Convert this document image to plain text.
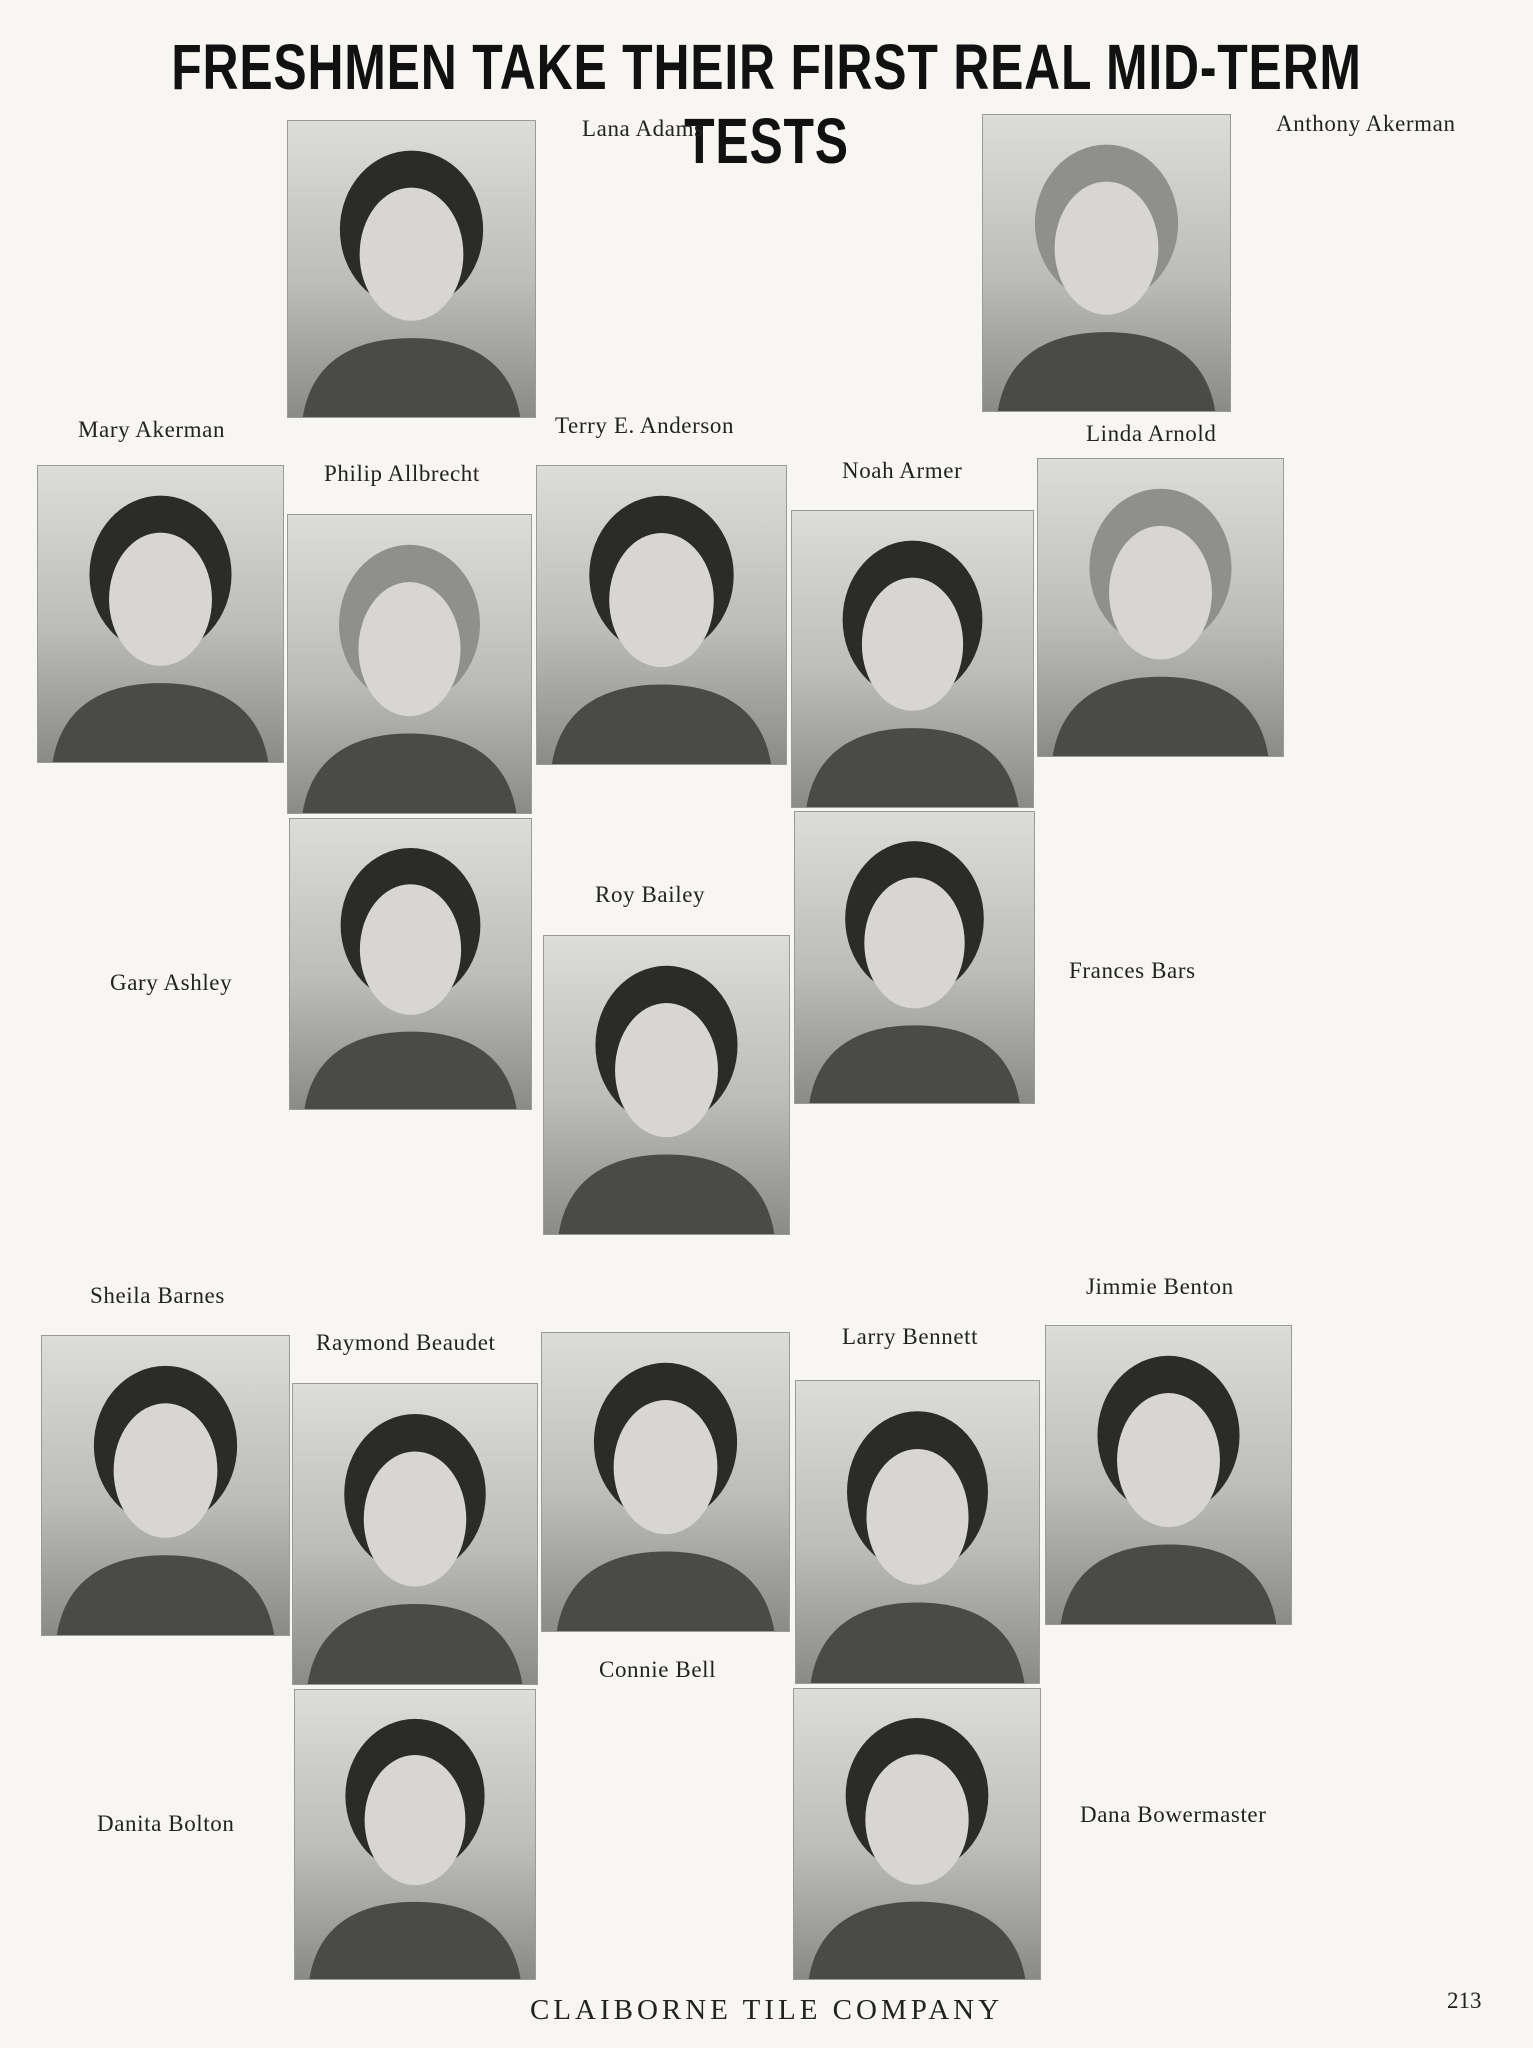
FRESHMEN TAKE THEIR FIRST REAL MID-TERM TESTS
Lana Adams	Anthony Akerman
Mary Akerman
Philip Allbrecht
Terry E. Anderson
Noah Armer
Linda Arnold
Gary Ashley
Roy Bailey
Frances Bars
Sheila Barnes
Raymond Beaudet
Connie Bell
Larry Bennett
Jimmie Benton
Danita Bolton	Dana Bowermaster
CLAIBORNE TILE COMPANY	213
